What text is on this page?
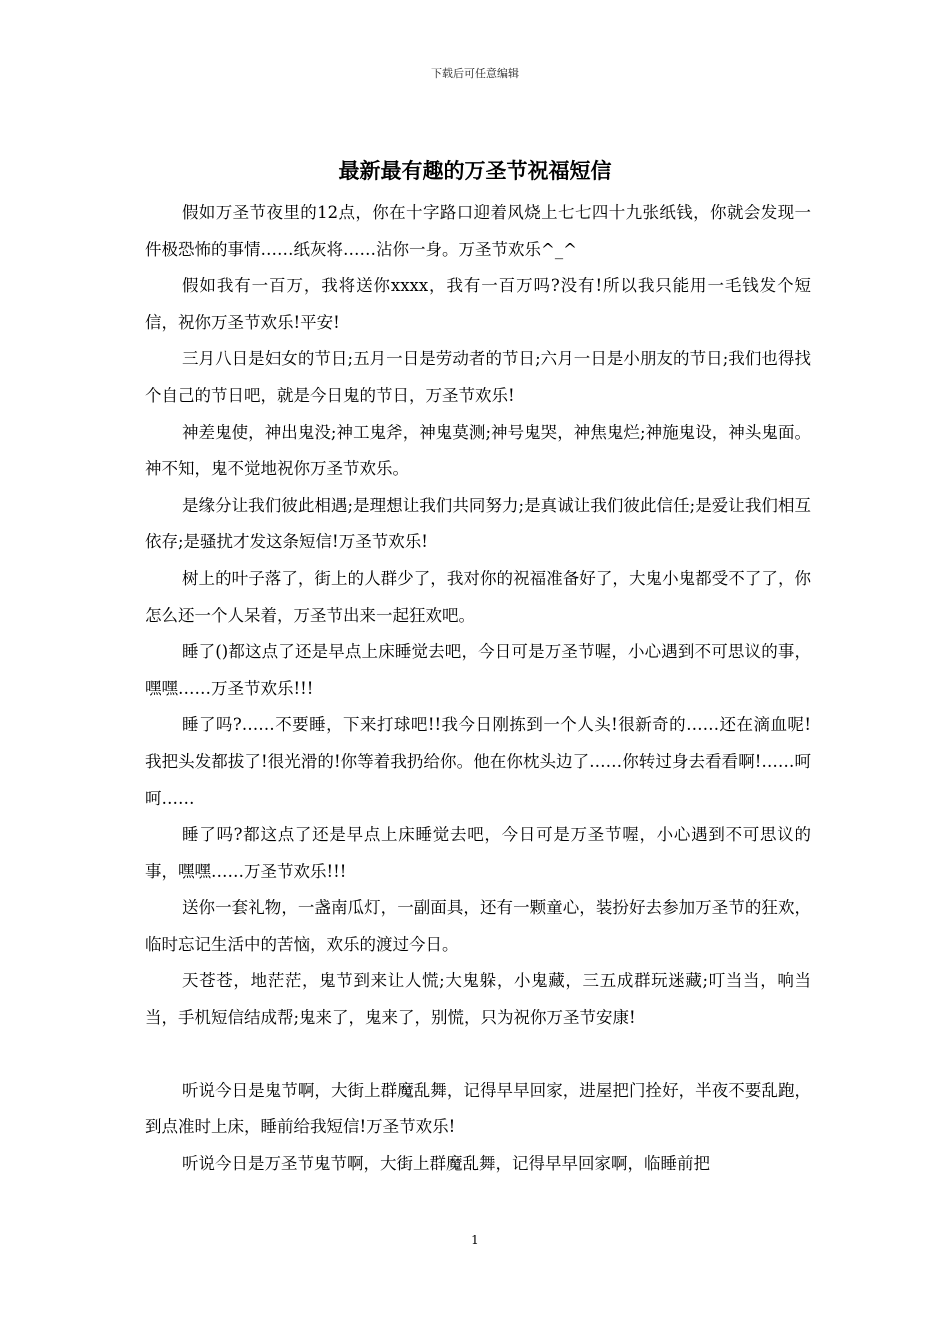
下载后可任意编辑
最新最有趣的万圣节祝福短信

假如万圣节夜里的12点，你在十字路口迎着风烧上七七四十九张纸钱，你就会发现一件极恐怖的事情……纸灰将……沾你一身。万圣节欢乐^_^

假如我有一百万，我将送你xxxx，我有一百万吗?没有!所以我只能用一毛钱发个短信，祝你万圣节欢乐!平安!

三月八日是妇女的节日;五月一日是劳动者的节日;六月一日是小朋友的节日;我们也得找个自己的节日吧，就是今日鬼的节日，万圣节欢乐!

神差鬼使，神出鬼没;神工鬼斧，神鬼莫测;神号鬼哭，神焦鬼烂;神施鬼设，神头鬼面。神不知，鬼不觉地祝你万圣节欢乐。

是缘分让我们彼此相遇;是理想让我们共同努力;是真诚让我们彼此信任;是爱让我们相互依存;是骚扰才发这条短信!万圣节欢乐!

树上的叶子落了，街上的人群少了，我对你的祝福准备好了，大鬼小鬼都受不了了，你怎么还一个人呆着，万圣节出来一起狂欢吧。

睡了()都这点了还是早点上床睡觉去吧，今日可是万圣节喔，小心遇到不可思议的事，嘿嘿……万圣节欢乐!!!

睡了吗?……不要睡，下来打球吧!!我今日刚拣到一个人头!很新奇的……还在滴血呢!我把头发都拔了!很光滑的!你等着我扔给你。他在你枕头边了……你转过身去看看啊!……呵呵……

睡了吗?都这点了还是早点上床睡觉去吧，今日可是万圣节喔，小心遇到不可思议的事，嘿嘿……万圣节欢乐!!!

送你一套礼物，一盏南瓜灯，一副面具，还有一颗童心，装扮好去参加万圣节的狂欢，临时忘记生活中的苦恼，欢乐的渡过今日。

天苍苍，地茫茫，鬼节到来让人慌;大鬼躲，小鬼藏，三五成群玩迷藏;叮当当，响当当，手机短信结成帮;鬼来了，鬼来了，别慌，只为祝你万圣节安康!

听说今日是鬼节啊，大街上群魔乱舞，记得早早回家，进屋把门拴好，半夜不要乱跑，到点准时上床，睡前给我短信!万圣节欢乐!

听说今日是万圣节鬼节啊，大街上群魔乱舞，记得早早回家啊，临睡前把

1
